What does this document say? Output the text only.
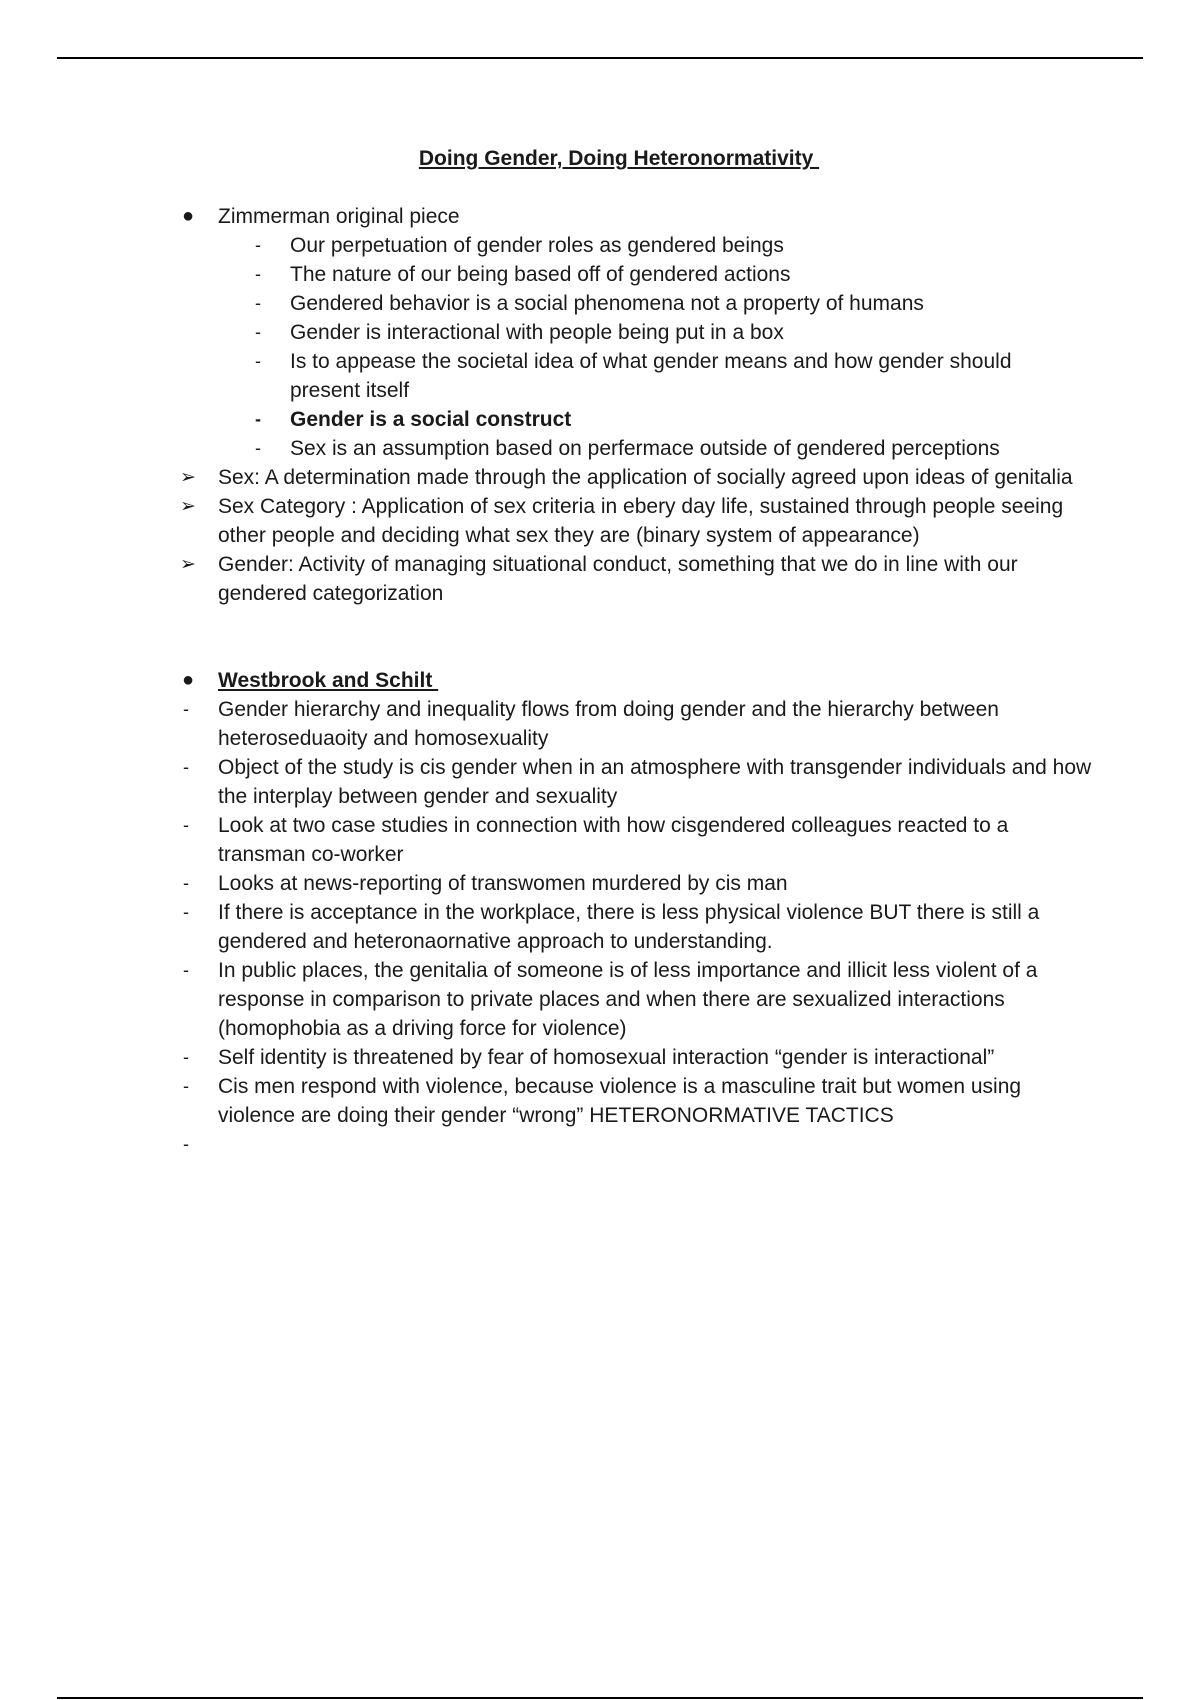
Doing Gender, Doing Heteronormativity

● Zimmerman original piece

-	Our perpetuation of gender roles as gendered beings

-	The nature of our being based off of gendered actions

-	Gendered behavior is a social phenomena not a property of humans

-	Gender is interactional with people being put in a box

-	Is to appease the societal idea of what gender means and how gender should present itself

-	Gender is a social construct

-	Sex is an assumption based on perfermace outside of gendered perceptions

➢ Sex: A determination made through the application of socially agreed upon ideas of genitalia

➢ Sex Category : Application of sex criteria in ebery day life, sustained through people seeing other people and deciding what sex they are (binary system of appearance)

➢ Gender: Activity of managing situational conduct, something that we do in line with our gendered categorization

● Westbrook and Schilt

-	Gender hierarchy and inequality flows from doing gender and the hierarchy between heteroseduaoity and homosexuality

-	Object of the study is cis gender when in an atmosphere with transgender individuals and how the interplay between gender and sexuality

-	Look at two case studies in connection with how cisgendered colleagues reacted to a transman co-worker

-	Looks at news-reporting of transwomen murdered by cis man

-	If there is acceptance in the workplace, there is less physical violence BUT there is still a gendered and heteronaornative approach to understanding.

-	In public places, the genitalia of someone is of less importance and illicit less violent of a response in comparison to private places and when there are sexualized interactions (homophobia as a driving force for violence)

-	Self identity is threatened by fear of homosexual interaction “gender is interactional”

-	Cis men respond with violence, because violence is a masculine trait but women using violence are doing their gender “wrong” HETERONORMATIVE TACTICS

-
